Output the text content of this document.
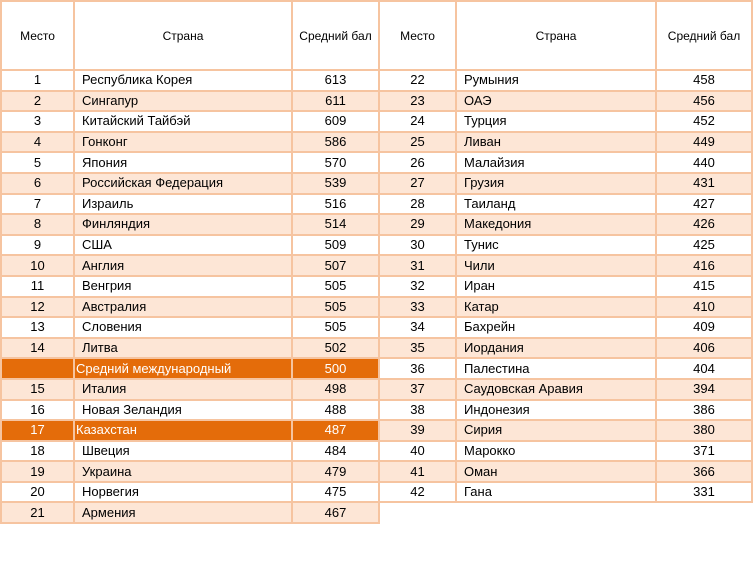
Место	Страна	Средний бал
1	Республика Корея	613
2	Сингапур	611
3	Китайский Тайбэй	609
4	Гонконг	586
5	Япония	570
6	Российская Федерация	539
7	Израиль	516
8	Финляндия	514
9	США	509
10	Англия	507
11	Венгрия	505
12	Австралия	505
13	Словения	505
14	Литва	502
	Средний международный	500
15	Италия	498
16	Новая Зеландия	488
17	Казахстан	487
18	Швеция	484
19	Украина	479
20	Норвегия	475
21	Армения	467
Место	Страна	Средний бал
22	Румыния	458
23	ОАЭ	456
24	Турция	452
25	Ливан	449
26	Малайзия	440
27	Грузия	431
28	Таиланд	427
29	Македония	426
30	Тунис	425
31	Чили	416
32	Иран	415
33	Катар	410
34	Бахрейн	409
35	Иордания	406
36	Палестина	404
37	Саудовская Аравия	394
38	Индонезия	386
39	Сирия	380
40	Марокко	371
41	Оман	366
42	Гана	331
